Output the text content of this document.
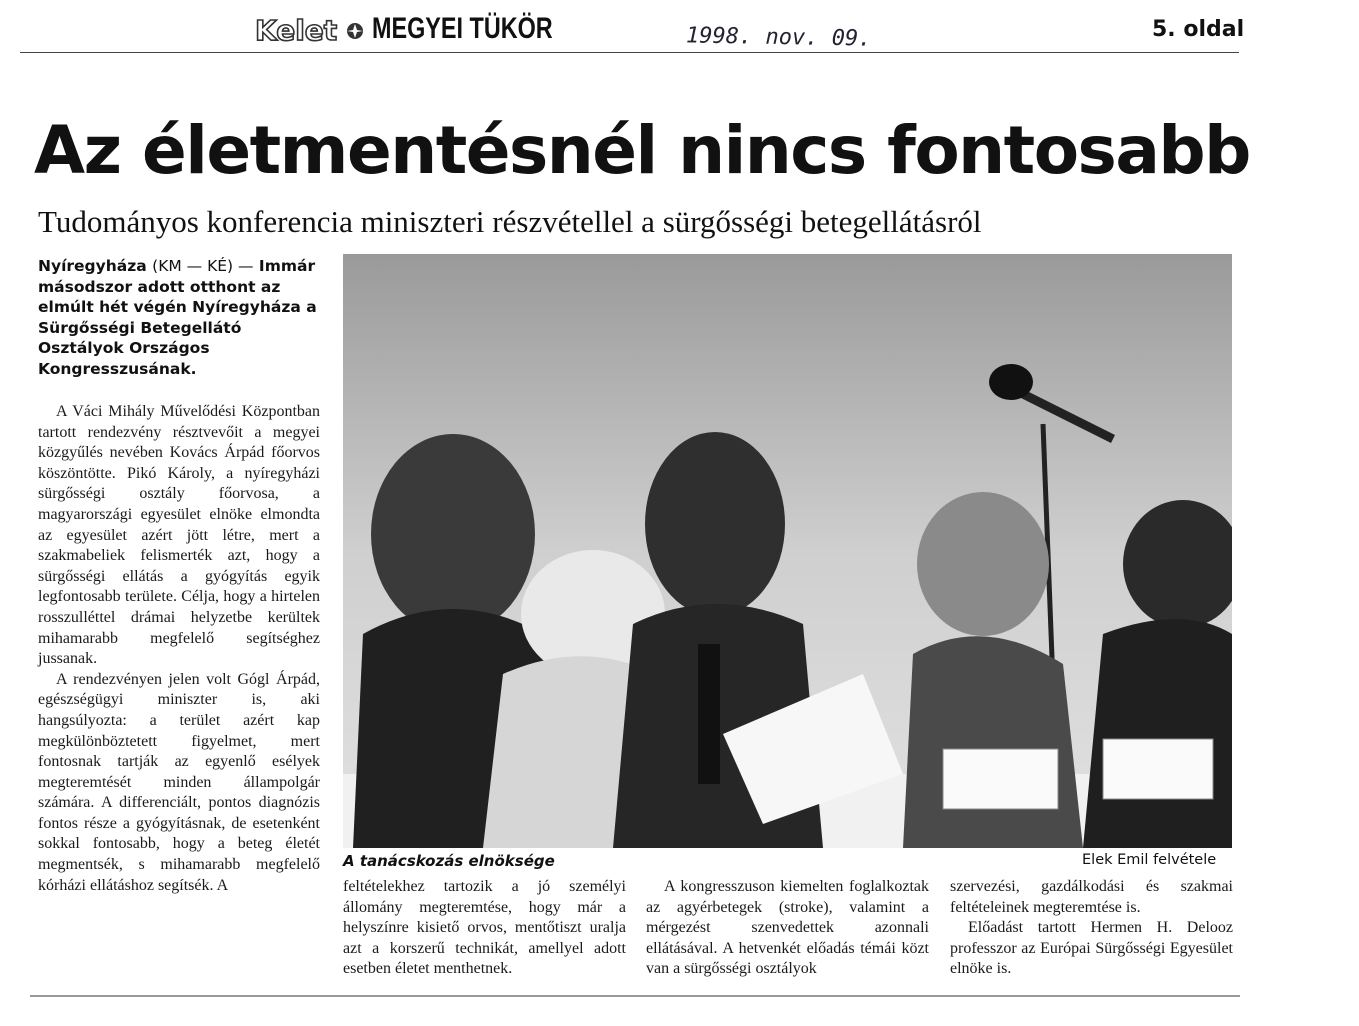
Kelet MEGYEI TÜKÖR	1998. nov. 09.	5. oldal
Az életmentésnél nincs fontosabb
Tudományos konferencia miniszteri részvétellel a sürgősségi betegellátásról
Nyíregyháza (KM — KÉ) — Immár másodszor adott otthont az elmúlt hét végén Nyíregyháza a Sürgősségi Betegellátó Osztályok Országos Kongresszusának.

A Váci Mihály Művelődési Központban tartott rendezvény résztvevőit a megyei közgyűlés nevében Kovács Árpád főorvos köszöntötte. Pikó Károly, a nyíregyházi sürgősségi osztály főorvosa, a magyarországi egyesület elnöke elmondta az egyesület azért jött létre, mert a szakmabeliek felismerték azt, hogy a sürgősségi ellátás a gyógyítás egyik legfontosabb területe. Célja, hogy a hirtelen rosszulléttel drámai helyzetbe kerültek mihamarabb megfelelő segítséghez jussanak.

A rendezvényen jelen volt Gógl Árpád, egészségügyi miniszter is, aki hangsúlyozta: a terület azért kap megkülönböztetett figyelmet, mert fontosnak tartják az egyenlő esélyek megteremtését minden állampolgár számára. A differenciált, pontos diagnózis fontos része a gyógyításnak, de esetenként sokkal fontosabb, hogy a beteg életét megmentsék, s mihamarabb megfelelő kórházi ellátáshoz segítsék. A

A tanácskozás elnöksége	Elek Emil felvétele

feltételekhez tartozik a jó személyi állomány megteremtése, hogy már a helyszínre kisiető orvos, mentőtiszt uralja azt a korszerű technikát, amellyel adott esetben életet menthetnek.

A kongresszuson kiemelten foglalkoztak az agyérbetegek (stroke), valamint a mérgezést szenvedettek azonnali ellátásával. A hetvenkét előadás témái közt van a sürgősségi osztályok

szervezési, gazdálkodási és szakmai feltételeinek megteremtése is.

Előadást tartott Hermen H. Delooz professzor az Európai Sürgősségi Egyesület elnöke is.
